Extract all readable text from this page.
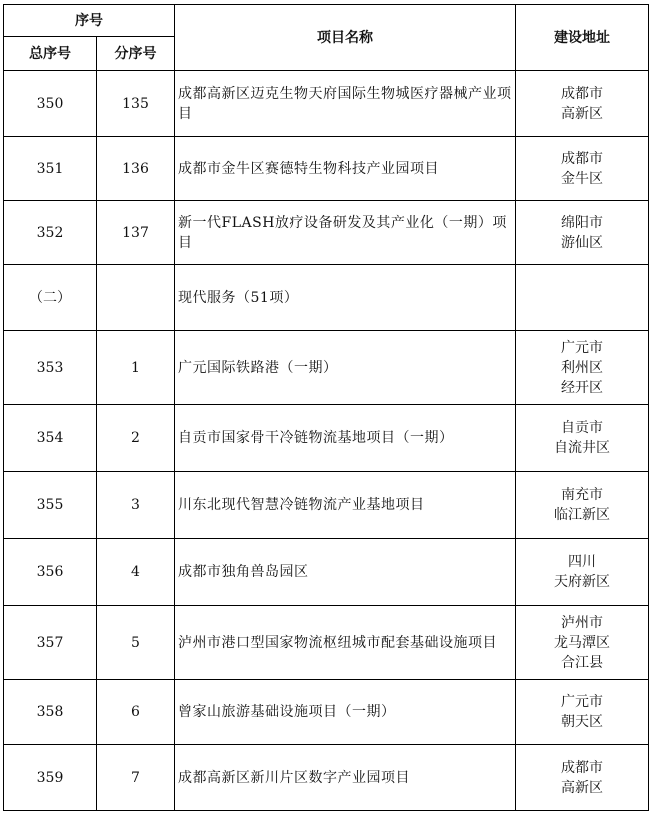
序号		项目名称	建设地址
总序号	分序号		
350	135	成都高新区迈克生物天府国际生物城医疗器械产业项目	成都市
高新区
351	136	成都市金牛区赛德特生物科技产业园项目	成都市
金牛区
352	137	新一代FLASH放疗设备研发及其产业化（一期）项目	绵阳市
游仙区
（二）		现代服务（51项）	
353	1	广元国际铁路港（一期）	广元市
利州区
经开区
354	2	自贡市国家骨干冷链物流基地项目（一期）	自贡市
自流井区
355	3	川东北现代智慧冷链物流产业基地项目	南充市
临江新区
356	4	成都市独角兽岛园区	四川
天府新区
357	5	泸州市港口型国家物流枢纽城市配套基础设施项目	泸州市
龙马潭区
合江县
358	6	曾家山旅游基础设施项目（一期）	广元市
朝天区
359	7	成都高新区新川片区数字产业园项目	成都市
高新区
